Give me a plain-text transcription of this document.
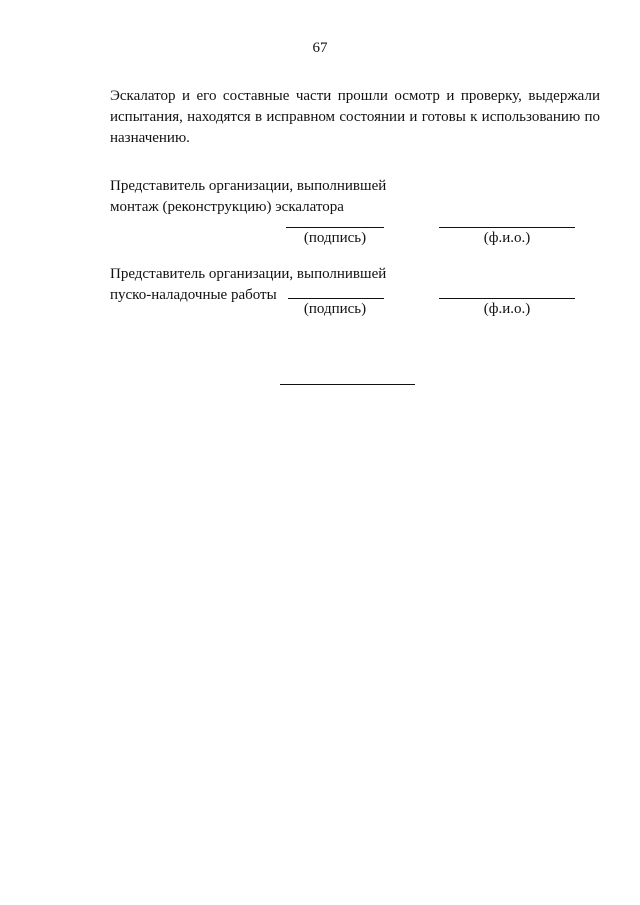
67
Эскалатор и его составные части прошли осмотр и проверку, выдержали испытания, находятся в исправном состоянии и готовы к использованию по назначению.
Представитель организации, выполнившей
монтаж (реконструкцию) эскалатора
(подпись)	(ф.и.о.)
Представитель организации, выполнившей
пуско-наладочные работы
(подпись)	(ф.и.о.)
